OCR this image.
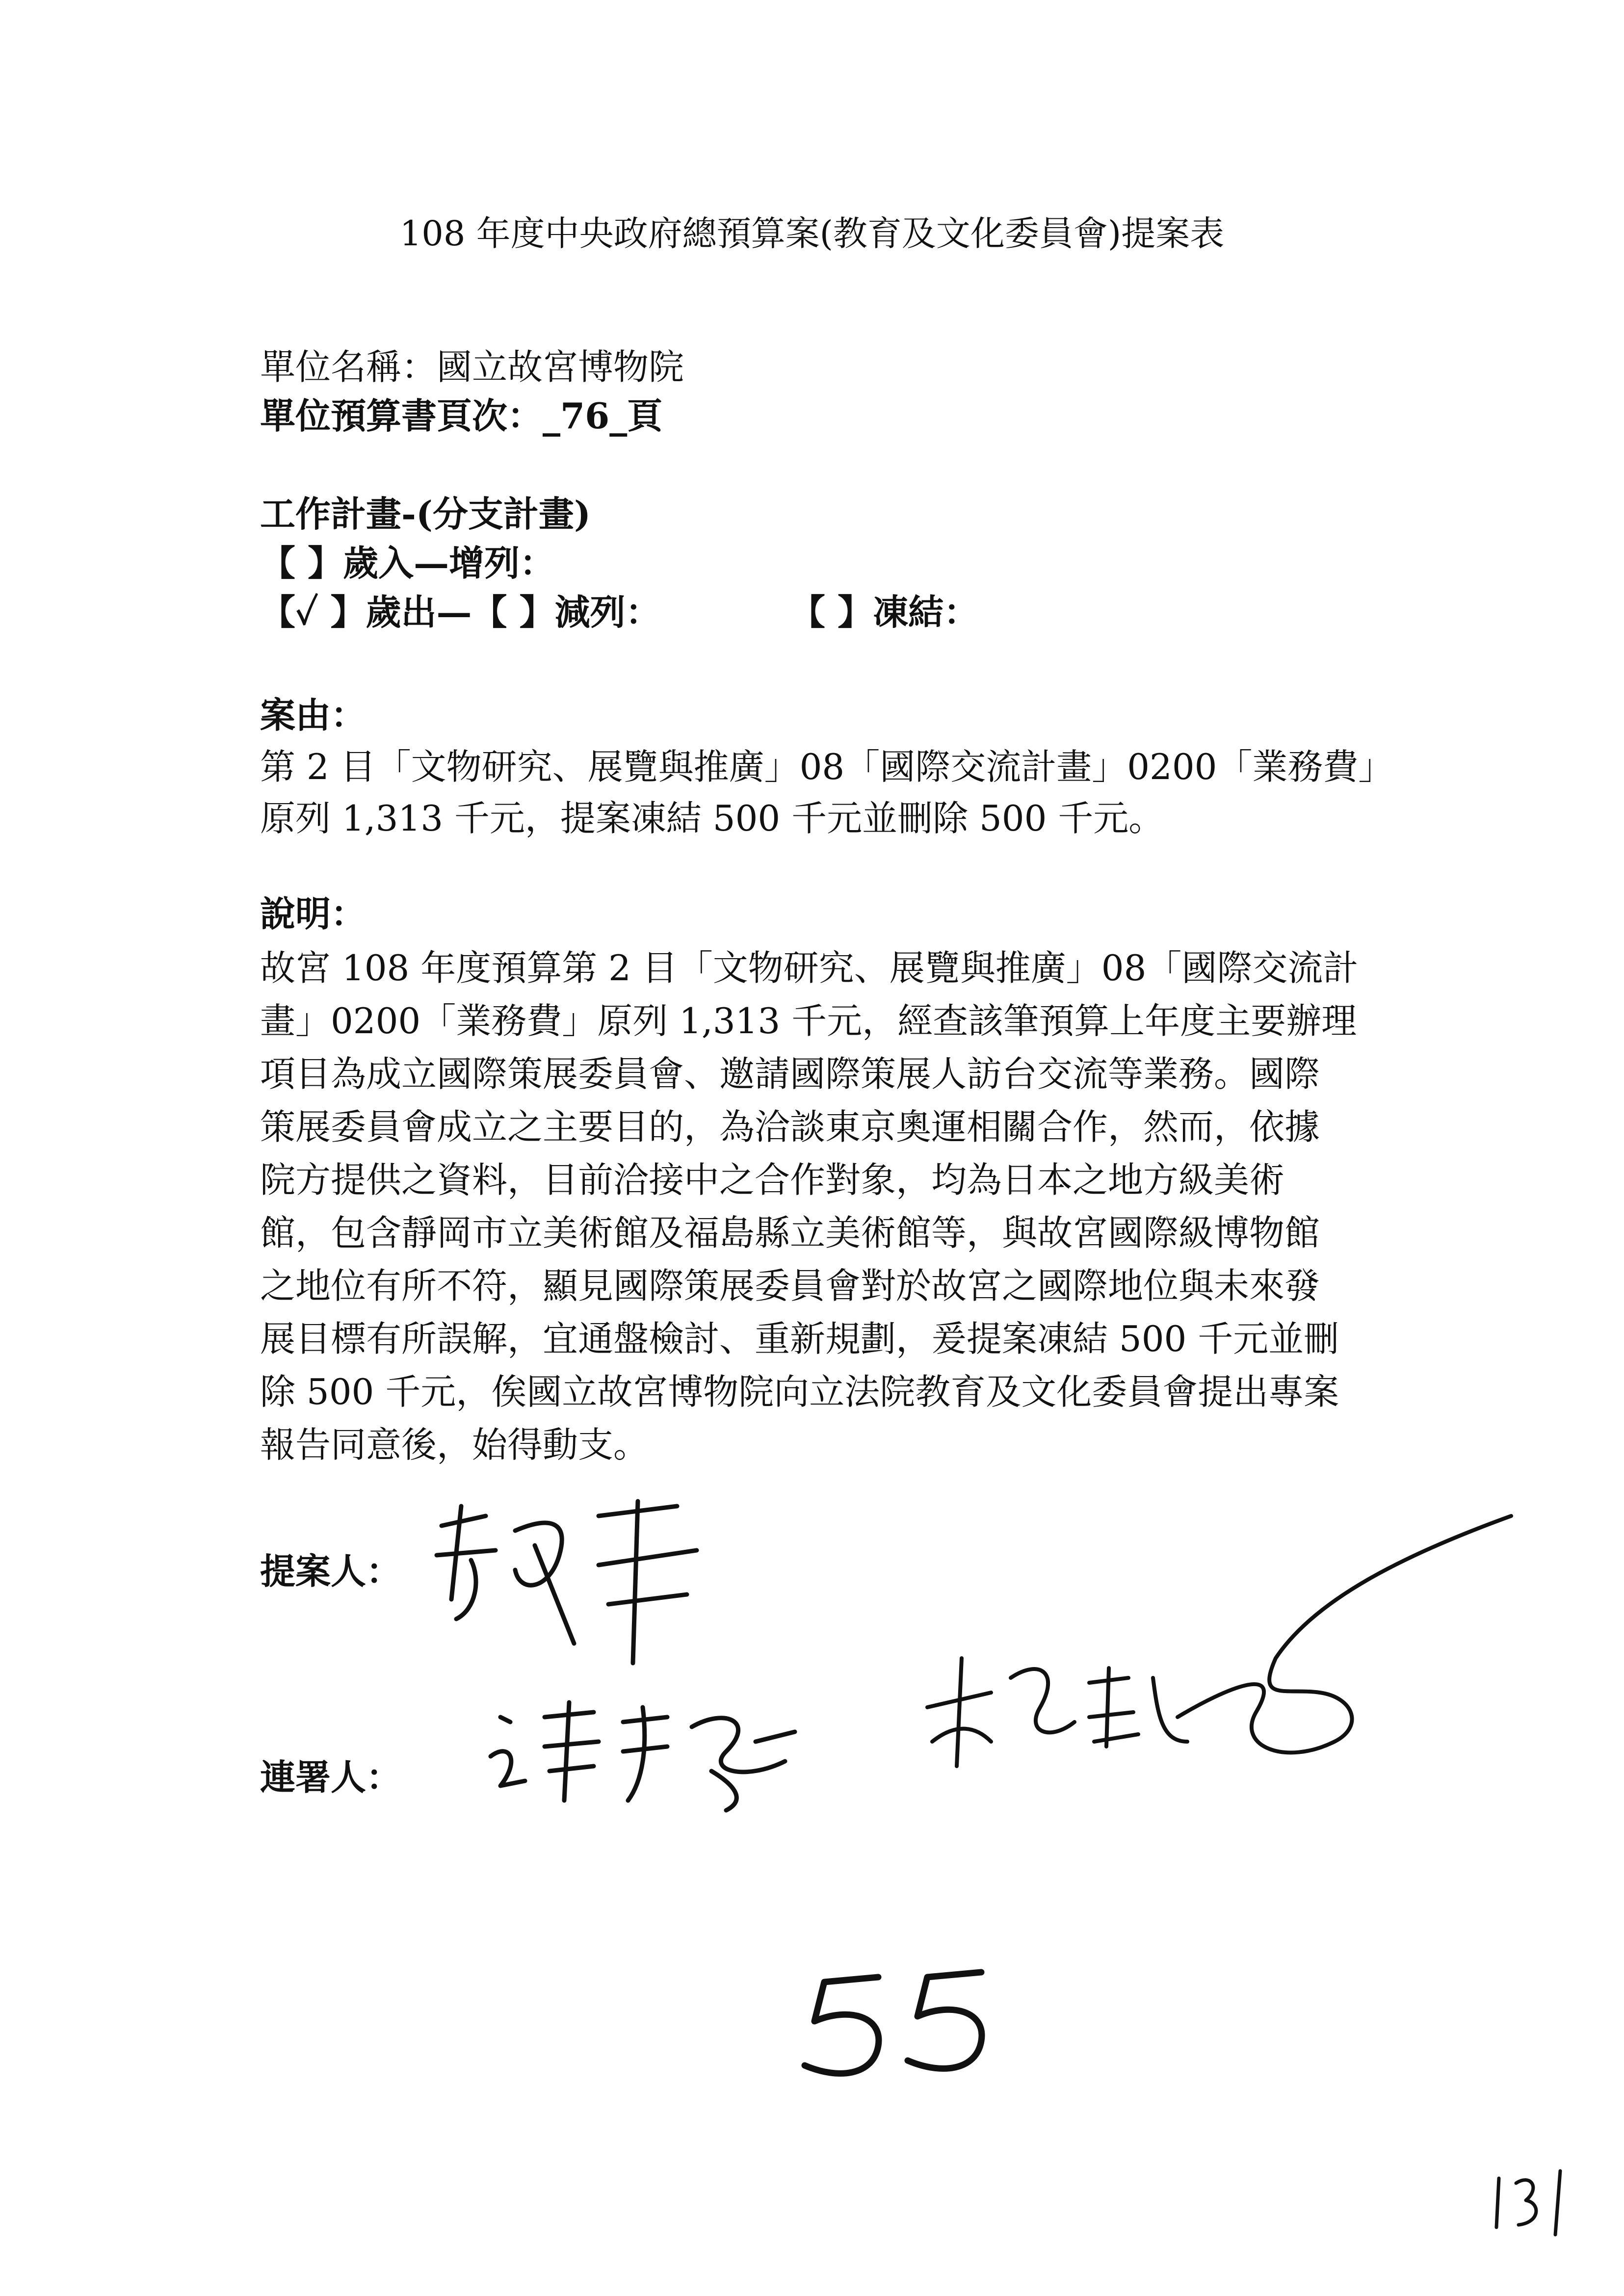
108 年度中央政府總預算案(教育及文化委員會)提案表
單位名稱：國立故宮博物院
單位預算書頁次：_76_頁
工作計畫-(分支計畫)
【 】歲入—增列：
【✓ 】歲出—【 】減列：	【 】凍結：
案由：
第 2 目「文物研究、展覽與推廣」08「國際交流計畫」0200「業務費」
原列 1,313 千元，提案凍結 500 千元並刪除 500 千元。
說明：
故宮 108 年度預算第 2 目「文物研究、展覽與推廣」08「國際交流計
畫」0200「業務費」原列 1,313 千元，經查該筆預算上年度主要辦理
項目為成立國際策展委員會、邀請國際策展人訪台交流等業務。國際
策展委員會成立之主要目的，為洽談東京奧運相關合作，然而，依據
院方提供之資料，目前洽接中之合作對象，均為日本之地方級美術
館，包含靜岡市立美術館及福島縣立美術館等，與故宮國際級博物館
之地位有所不符，顯見國際策展委員會對於故宮之國際地位與未來發
展目標有所誤解，宜通盤檢討、重新規劃，爰提案凍結 500 千元並刪
除 500 千元，俟國立故宮博物院向立法院教育及文化委員會提出專案
報告同意後，始得動支。
提案人：
連署人：
